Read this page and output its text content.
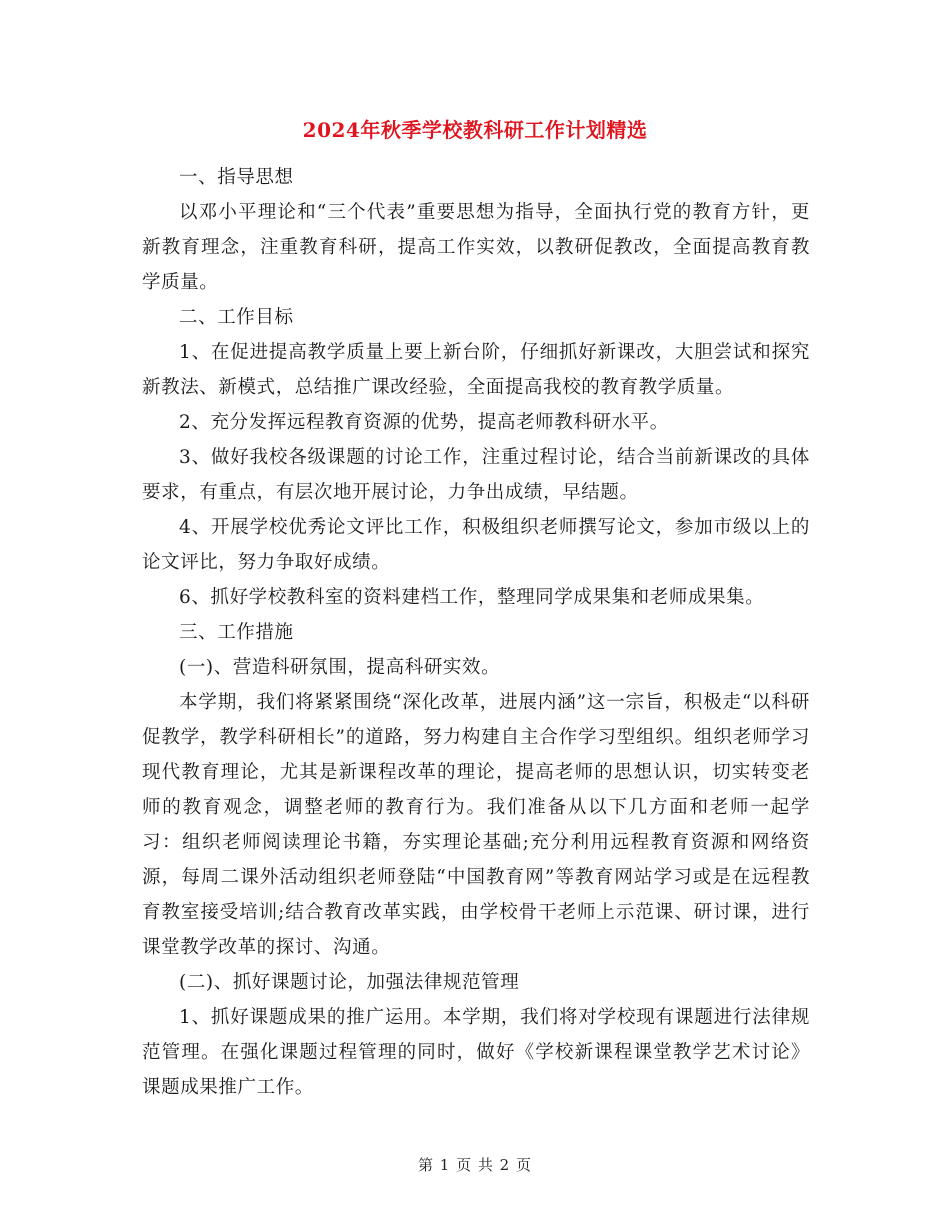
2024年秋季学校教科研工作计划精选

一、指导思想

以邓小平理论和“三个代表”重要思想为指导，全面执行党的教育方针，更新教育理念，注重教育科研，提高工作实效，以教研促教改，全面提高教育教学质量。

二、工作目标

1、在促进提高教学质量上要上新台阶，仔细抓好新课改，大胆尝试和探究新教法、新模式，总结推广课改经验，全面提高我校的教育教学质量。

2、充分发挥远程教育资源的优势，提高老师教科研水平。

3、做好我校各级课题的讨论工作，注重过程讨论，结合当前新课改的具体要求，有重点，有层次地开展讨论，力争出成绩，早结题。

4、开展学校优秀论文评比工作，积极组织老师撰写论文，参加市级以上的论文评比，努力争取好成绩。

6、抓好学校教科室的资料建档工作，整理同学成果集和老师成果集。

三、工作措施

(一)、营造科研氛围，提高科研实效。

本学期，我们将紧紧围绕“深化改革，进展内涵”这一宗旨，积极走“以科研促教学，教学科研相长”的道路，努力构建自主合作学习型组织。组织老师学习现代教育理论，尤其是新课程改革的理论，提高老师的思想认识，切实转变老师的教育观念，调整老师的教育行为。我们准备从以下几方面和老师一起学习：组织老师阅读理论书籍，夯实理论基础;充分利用远程教育资源和网络资源，每周二课外活动组织老师登陆“中国教育网”等教育网站学习或是在远程教育教室接受培训;结合教育改革实践，由学校骨干老师上示范课、研讨课，进行课堂教学改革的探讨、沟通。

(二)、抓好课题讨论，加强法律规范管理

1、抓好课题成果的推广运用。本学期，我们将对学校现有课题进行法律规范管理。在强化课题过程管理的同时，做好《学校新课程课堂教学艺术讨论》课题成果推广工作。

第 1 页 共 2 页
